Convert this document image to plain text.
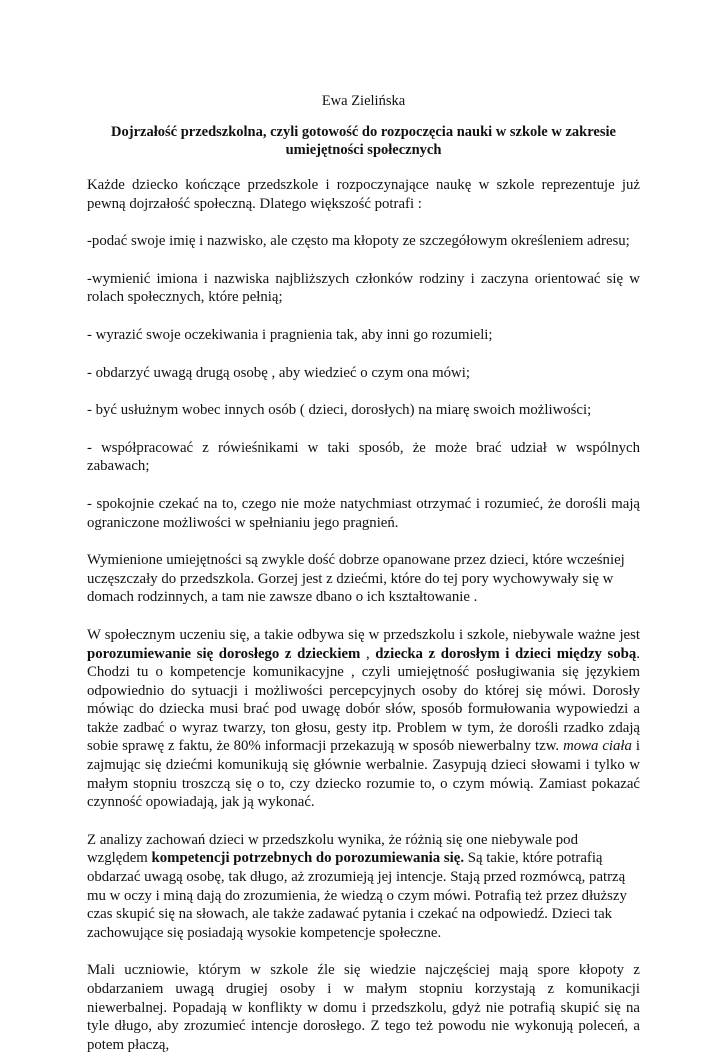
Ewa Zielińska
Dojrzałość przedszkolna, czyli gotowość do rozpoczęcia nauki w szkole w zakresie umiejętności społecznych

Każde dziecko kończące przedszkole i rozpoczynające naukę w szkole reprezentuje już pewną dojrzałość społeczną. Dlatego większość potrafi :

-podać swoje imię i nazwisko, ale często ma kłopoty ze szczegółowym określeniem adresu;

-wymienić imiona i nazwiska najbliższych członków rodziny i zaczyna orientować się w rolach społecznych, które pełnią;

- wyrazić swoje oczekiwania i pragnienia tak, aby inni go rozumieli;

- obdarzyć uwagą drugą osobę , aby wiedzieć o czym ona mówi;

- być usłużnym wobec innych osób ( dzieci, dorosłych) na miarę swoich możliwości;

- współpracować z rówieśnikami w taki sposób, że może brać udział w wspólnych zabawach;

- spokojnie czekać na to, czego nie może natychmiast otrzymać i rozumieć, że dorośli mają ograniczone możliwości w spełnianiu jego pragnień.

Wymienione umiejętności są zwykle dość dobrze opanowane przez dzieci, które wcześniej uczęszczały do przedszkola. Gorzej jest z dziećmi, które do tej pory wychowywały się w domach rodzinnych, a tam nie zawsze dbano o ich kształtowanie .

W społecznym uczeniu się, a takie odbywa się w przedszkolu i szkole, niebywale ważne jest porozumiewanie się dorosłego z dzieckiem , dziecka z dorosłym i dzieci między sobą. Chodzi tu o kompetencje komunikacyjne , czyli umiejętność posługiwania się językiem odpowiednio do sytuacji i możliwości percepcyjnych osoby do której się mówi. Dorosły mówiąc do dziecka musi brać pod uwagę dobór słów, sposób formułowania wypowiedzi a także zadbać o wyraz twarzy, ton głosu, gesty itp. Problem w tym, że dorośli rzadko zdają sobie sprawę z faktu, że 80% informacji przekazują w sposób niewerbalny tzw. mowa ciała i zajmując się dziećmi komunikują się głównie werbalnie. Zasypują dzieci słowami i tylko w małym stopniu troszczą się o to, czy dziecko rozumie to, o czym mówią. Zamiast pokazać czynność opowiadają, jak ją wykonać.

Z analizy zachowań dzieci w przedszkolu wynika, że różnią się one niebywale pod względem kompetencji potrzebnych do porozumiewania się. Są takie, które potrafią obdarzać uwagą osobę, tak długo, aż zrozumieją jej intencje. Stają przed rozmówcą, patrzą mu w oczy i miną dają do zrozumienia, że wiedzą o czym mówi. Potrafią też przez dłuższy czas skupić się na słowach, ale także zadawać pytania i czekać na odpowiedź. Dzieci tak zachowujące się posiadają wysokie kompetencje społeczne.

Mali uczniowie, którym w szkole źle się wiedzie najczęściej mają spore kłopoty z obdarzaniem uwagą drugiej osoby i w małym stopniu korzystają z komunikacji niewerbalnej. Popadają w konflikty w domu i przedszkolu, gdyż nie potrafią skupić się na tyle długo, aby zrozumieć intencje dorosłego. Z tego też powodu nie wykonują poleceń, a potem płaczą,
